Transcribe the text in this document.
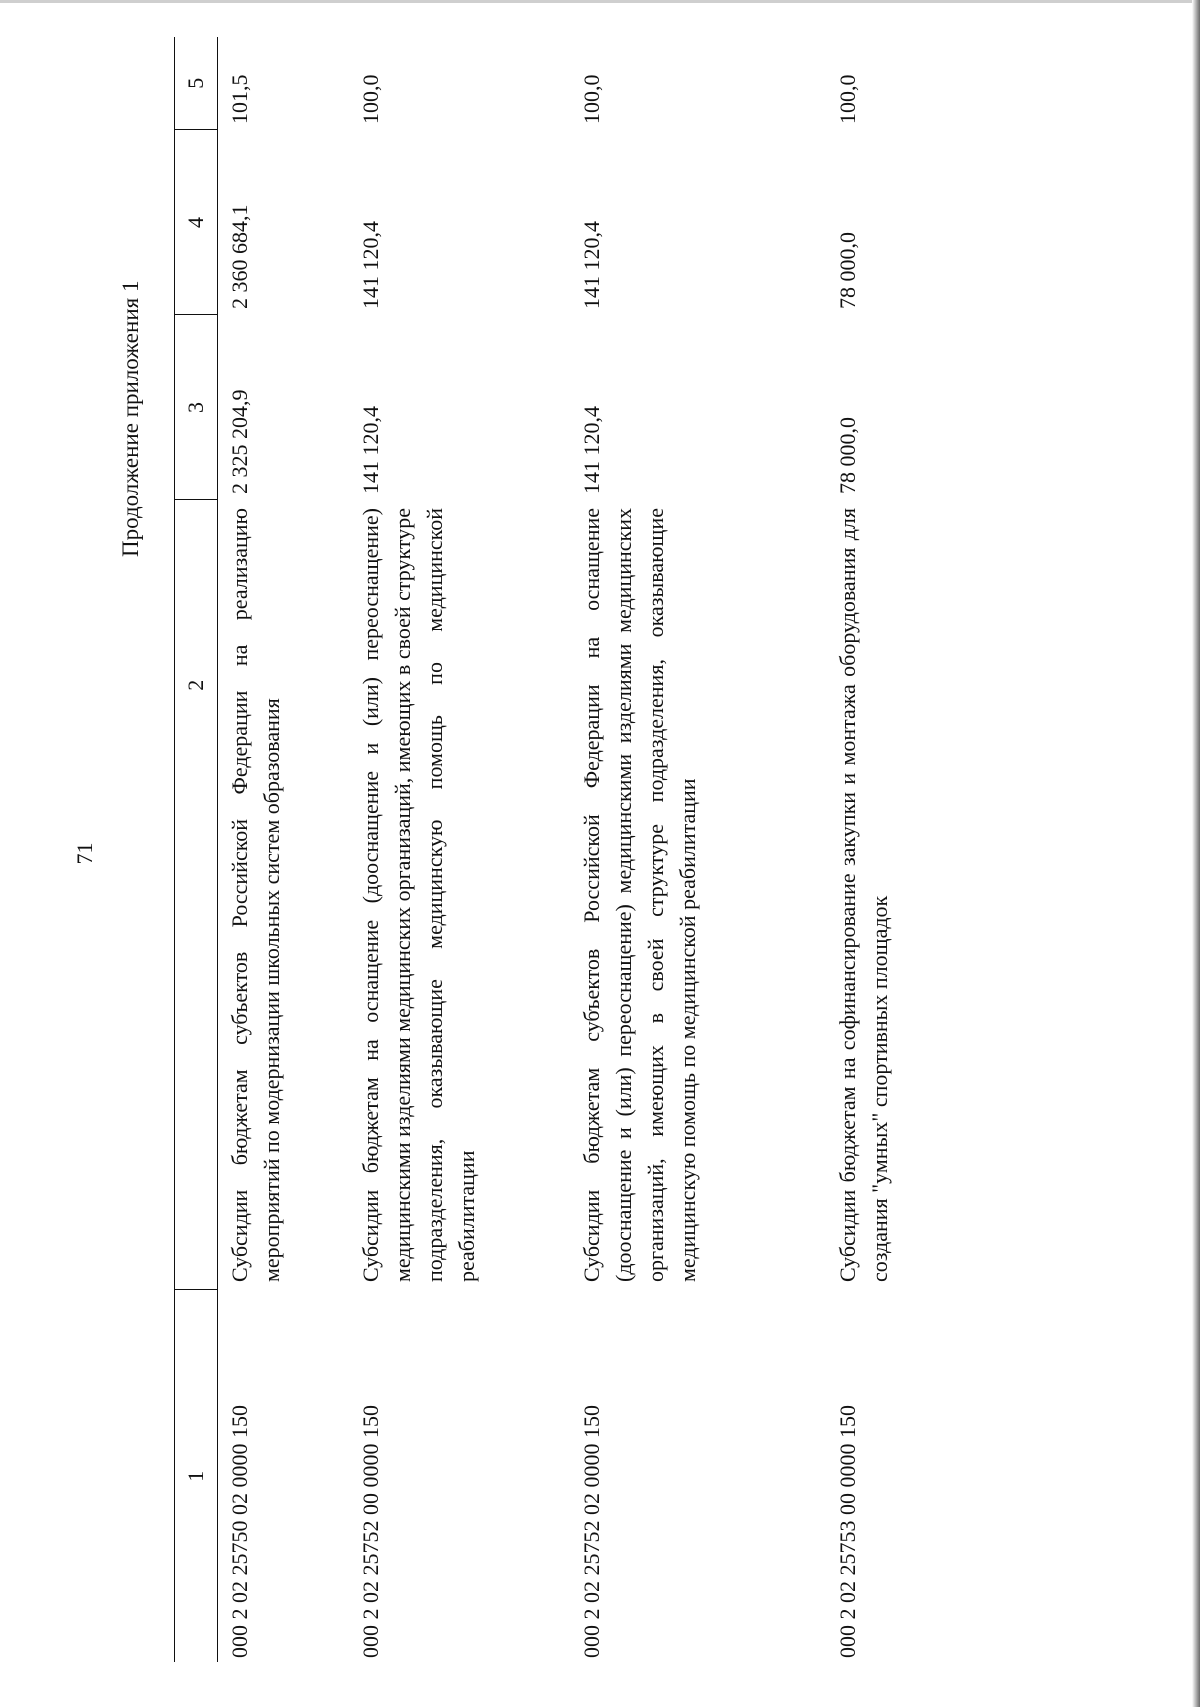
71
Продолжение приложения 1
1		2	3	4	5
000 2 02 25750 02 0000 150	Субсидии бюджетам субъектов Российской Федерации на реализацию мероприятий по модернизации школьных систем образования		2 325 204,9	2 360 684,1	101,5
000 2 02 25752 00 0000 150	Субсидии бюджетам на оснащение (дооснащение и (или) переоснащение) медицинскими изделиями медицинских организаций, имеющих в своей структуре подразделения, оказывающие медицинскую помощь по медицинской реабилитации		141 120,4	141 120,4	100,0
000 2 02 25752 02 0000 150	Субсидии бюджетам субъектов Российской Федерации на оснащение (дооснащение и (или) переоснащение) медицинскими изделиями медицинских организаций, имеющих в своей структуре подразделения, оказывающие медицинскую помощь по медицинской реабилитации		141 120,4	141 120,4	100,0
000 2 02 25753 00 0000 150	Субсидии бюджетам на софинансирование закупки и монтажа оборудования для создания "умных" спортивных площадок		78 000,0	78 000,0	100,0
